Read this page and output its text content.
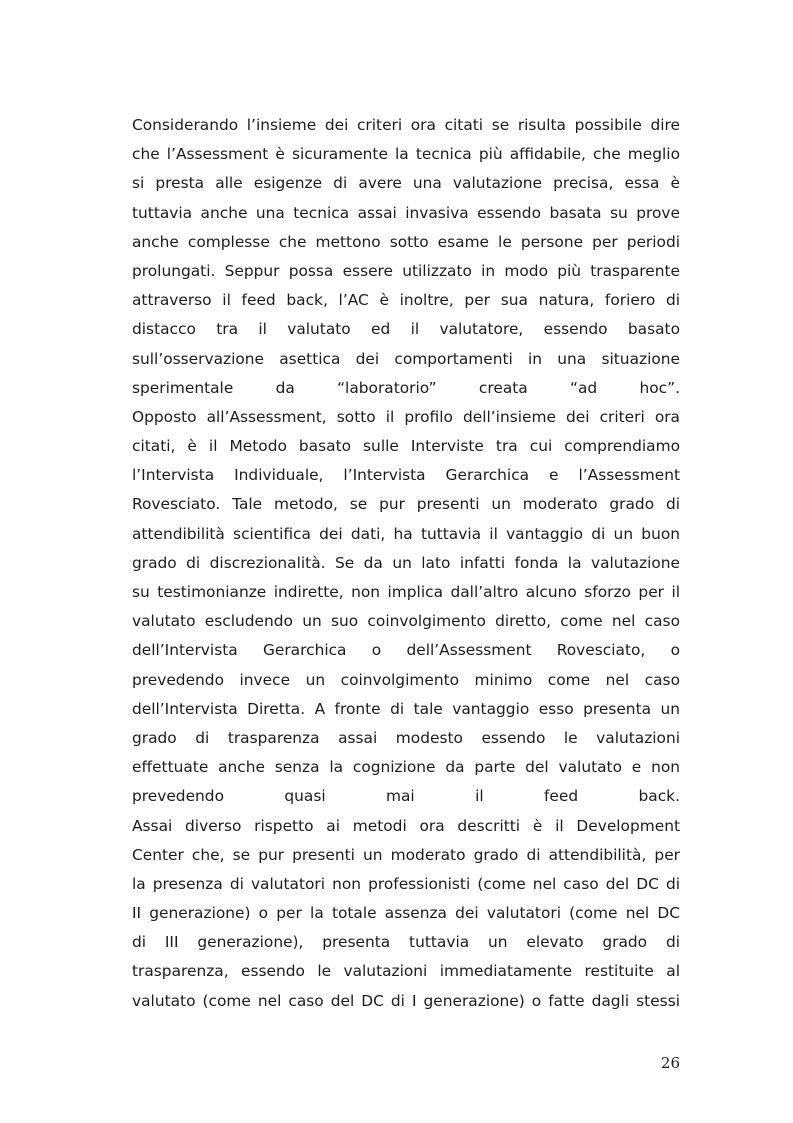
Considerando l’insieme dei criteri ora citati se risulta possibile dire
che l’Assessment è sicuramente la tecnica più affidabile, che meglio
si presta alle esigenze di avere una valutazione precisa, essa è
tuttavia anche una tecnica assai invasiva essendo basata su prove
anche complesse che mettono sotto esame le persone per periodi
prolungati. Seppur possa essere utilizzato in modo più trasparente
attraverso il feed back, l’AC è inoltre, per sua natura, foriero di
distacco tra il valutato ed il valutatore, essendo basato
sull’osservazione asettica dei comportamenti in una situazione
sperimentale da “laboratorio” creata “ad hoc”.
Opposto all’Assessment, sotto il profilo dell’insieme dei criteri ora
citati, è il Metodo basato sulle Interviste tra cui comprendiamo
l’Intervista Individuale, l’Intervista Gerarchica e l’Assessment
Rovesciato. Tale metodo, se pur presenti un moderato grado di
attendibilità scientifica dei dati, ha tuttavia il vantaggio di un buon
grado di discrezionalità. Se da un lato infatti fonda la valutazione
su testimonianze indirette, non implica dall’altro alcuno sforzo per il
valutato escludendo un suo coinvolgimento diretto, come nel caso
dell’Intervista Gerarchica o dell’Assessment Rovesciato, o
prevedendo invece un coinvolgimento minimo come nel caso
dell’Intervista Diretta. A fronte di tale vantaggio esso presenta un
grado di trasparenza assai modesto essendo le valutazioni
effettuate anche senza la cognizione da parte del valutato e non
prevedendo quasi mai il feed back.
Assai diverso rispetto ai metodi ora descritti è il Development
Center che, se pur presenti un moderato grado di attendibilità, per
la presenza di valutatori non professionisti (come nel caso del DC di
II generazione) o per la totale assenza dei valutatori (come nel DC
di III generazione), presenta tuttavia un elevato grado di
trasparenza, essendo le valutazioni immediatamente restituite al
valutato (come nel caso del DC di I generazione) o fatte dagli stessi
26
